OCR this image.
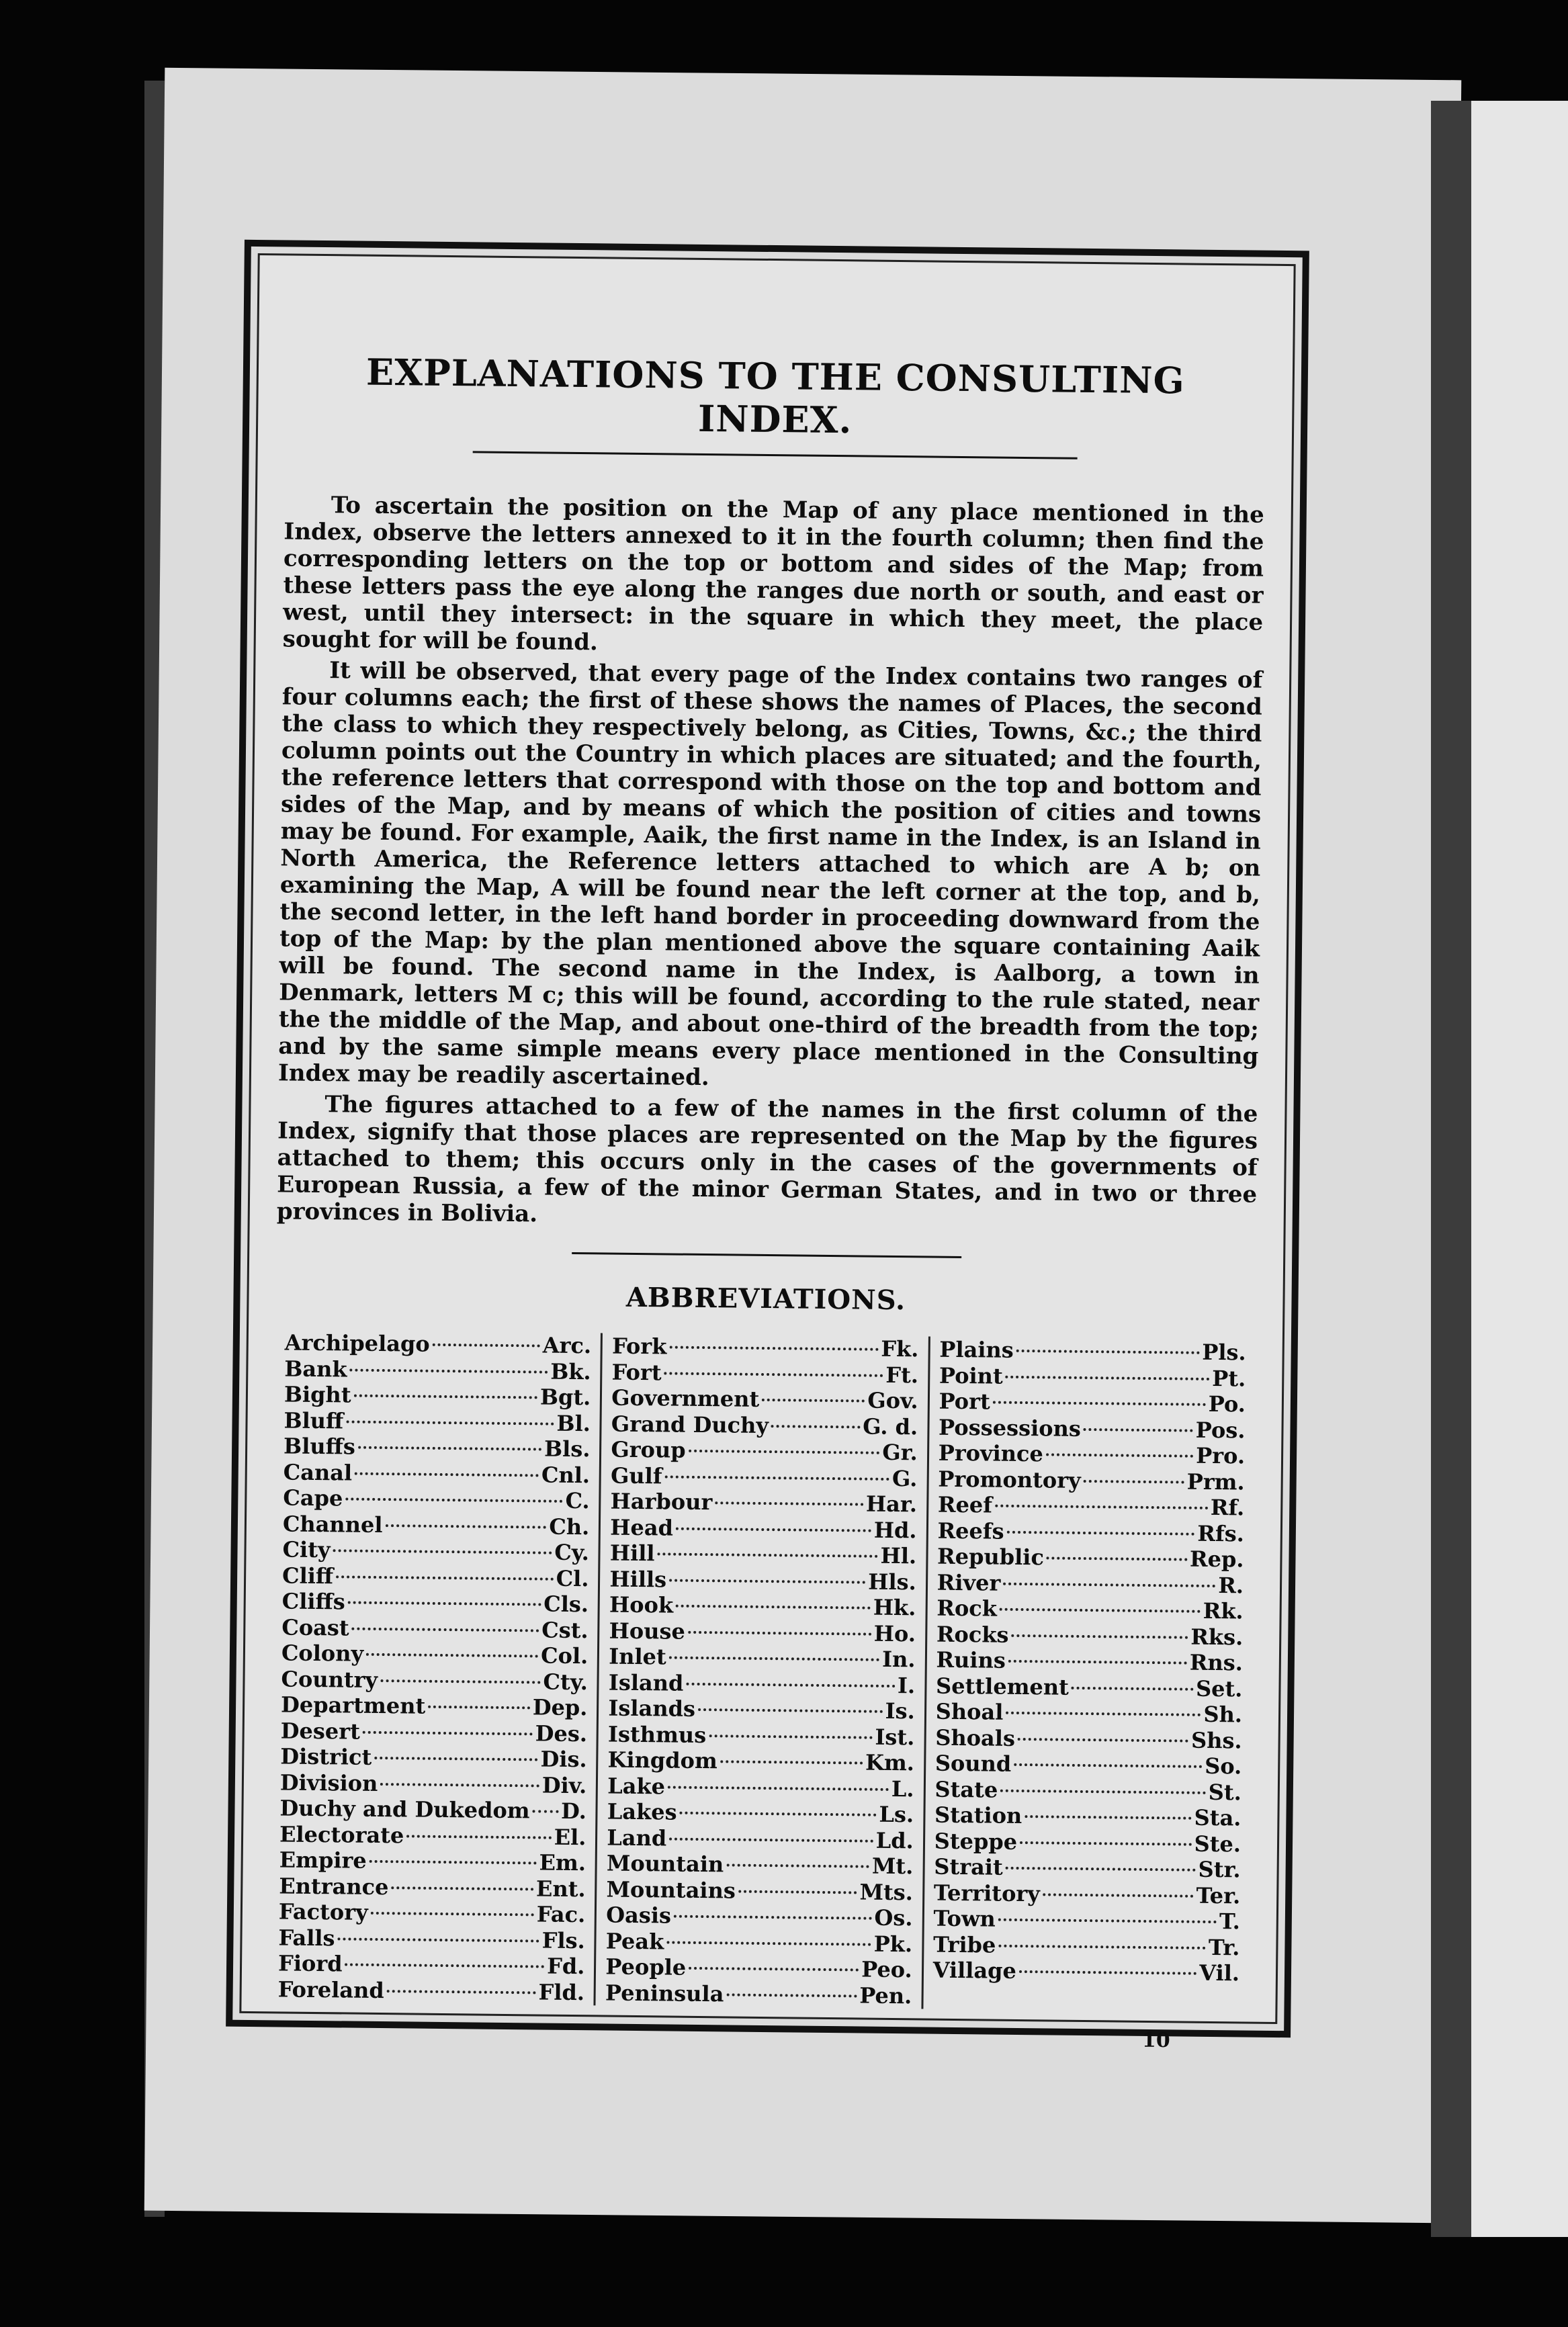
EXPLANATIONS TO THE CONSULTING INDEX.

To ascertain the position on the Map of any place mentioned in the Index, observe the letters annexed to it in the fourth column; then find the corresponding letters on the top or bottom and sides of the Map; from these letters pass the eye along the ranges due north or south, and east or west, until they intersect: in the square in which they meet, the place sought for will be found.

It will be observed, that every page of the Index contains two ranges of four columns each; the first of these shows the names of Places, the second the class to which they respectively belong, as Cities, Towns, &c.; the third column points out the Country in which places are situated; and the fourth, the reference letters that correspond with those on the top and bottom and sides of the Map, and by means of which the position of cities and towns may be found. For example, Aaik, the first name in the Index, is an Island in North America, the Reference letters attached to which are A b; on examining the Map, A will be found near the left corner at the top, and b, the second letter, in the left hand border in proceeding downward from the top of the Map: by the plan mentioned above the square containing Aaik will be found. The second name in the Index, is Aalborg, a town in Denmark, letters M c; this will be found, according to the rule stated, near the the middle of the Map, and about one-third of the breadth from the top; and by the same simple means every place mentioned in the Consulting Index may be readily ascertained.

The figures attached to a few of the names in the first column of the Index, signify that those places are represented on the Map by the figures attached to them; this occurs only in the cases of the governments of European Russia, a few of the minor German States, and in two or three provinces in Bolivia.

ABBREVIATIONS.
Archipelago	Arc.
Bank	Bk.
Bight	Bgt.
Bluff	Bl.
Bluffs	Bls.
Canal	Cnl.
Cape	C.
Channel	Ch.
City	Cy.
Cliff	Cl.
Cliffs	Cls.
Coast	Cst.
Colony	Col.
Country	Cty.
Department	Dep.
Desert	Des.
District	Dis.
Division	Div.
Duchy and Dukedom D.
Electorate	El.
Empire	Em.
Entrance	Ent.
Factory	Fac.
Falls	Fls.
Fiord	Fd.
Foreland	Fld.
Fork	Fk.
Fort	Ft.
Government	Gov.
Grand Duchy	G. d.
Group	Gr.
Gulf	G.
Harbour	Har.
Head	Hd.
Hill	Hl.
Hills	Hls.
Hook	Hk.
House	Ho.
Inlet	In.
Island	I.
Islands	Is.
Isthmus	Ist.
Kingdom	Km.
Lake	L.
Lakes	Ls.
Land	Ld.
Mountain	Mt.
Mountains	Mts.
Oasis	Os.
Peak	Pk.
People	Peo.
Peninsula	Pen.
Plains	Pls.
Point	Pt.
Port	Po.
Possessions	Pos.
Province	Pro.
Promontory	Prm.
Reef	Rf.
Reefs	Rfs.
Republic	Rep.
River	R.
Rock	Rk.
Rocks	Rks.
Ruins	Rns.
Settlement	Set.
Shoal	Sh.
Shoals	Shs.
Sound	So.
State	St.
Station	Sta.
Steppe	Ste.
Strait	Str.
Territory	Ter.
Town	T.
Tribe	Tr.
Village	Vil.
10
